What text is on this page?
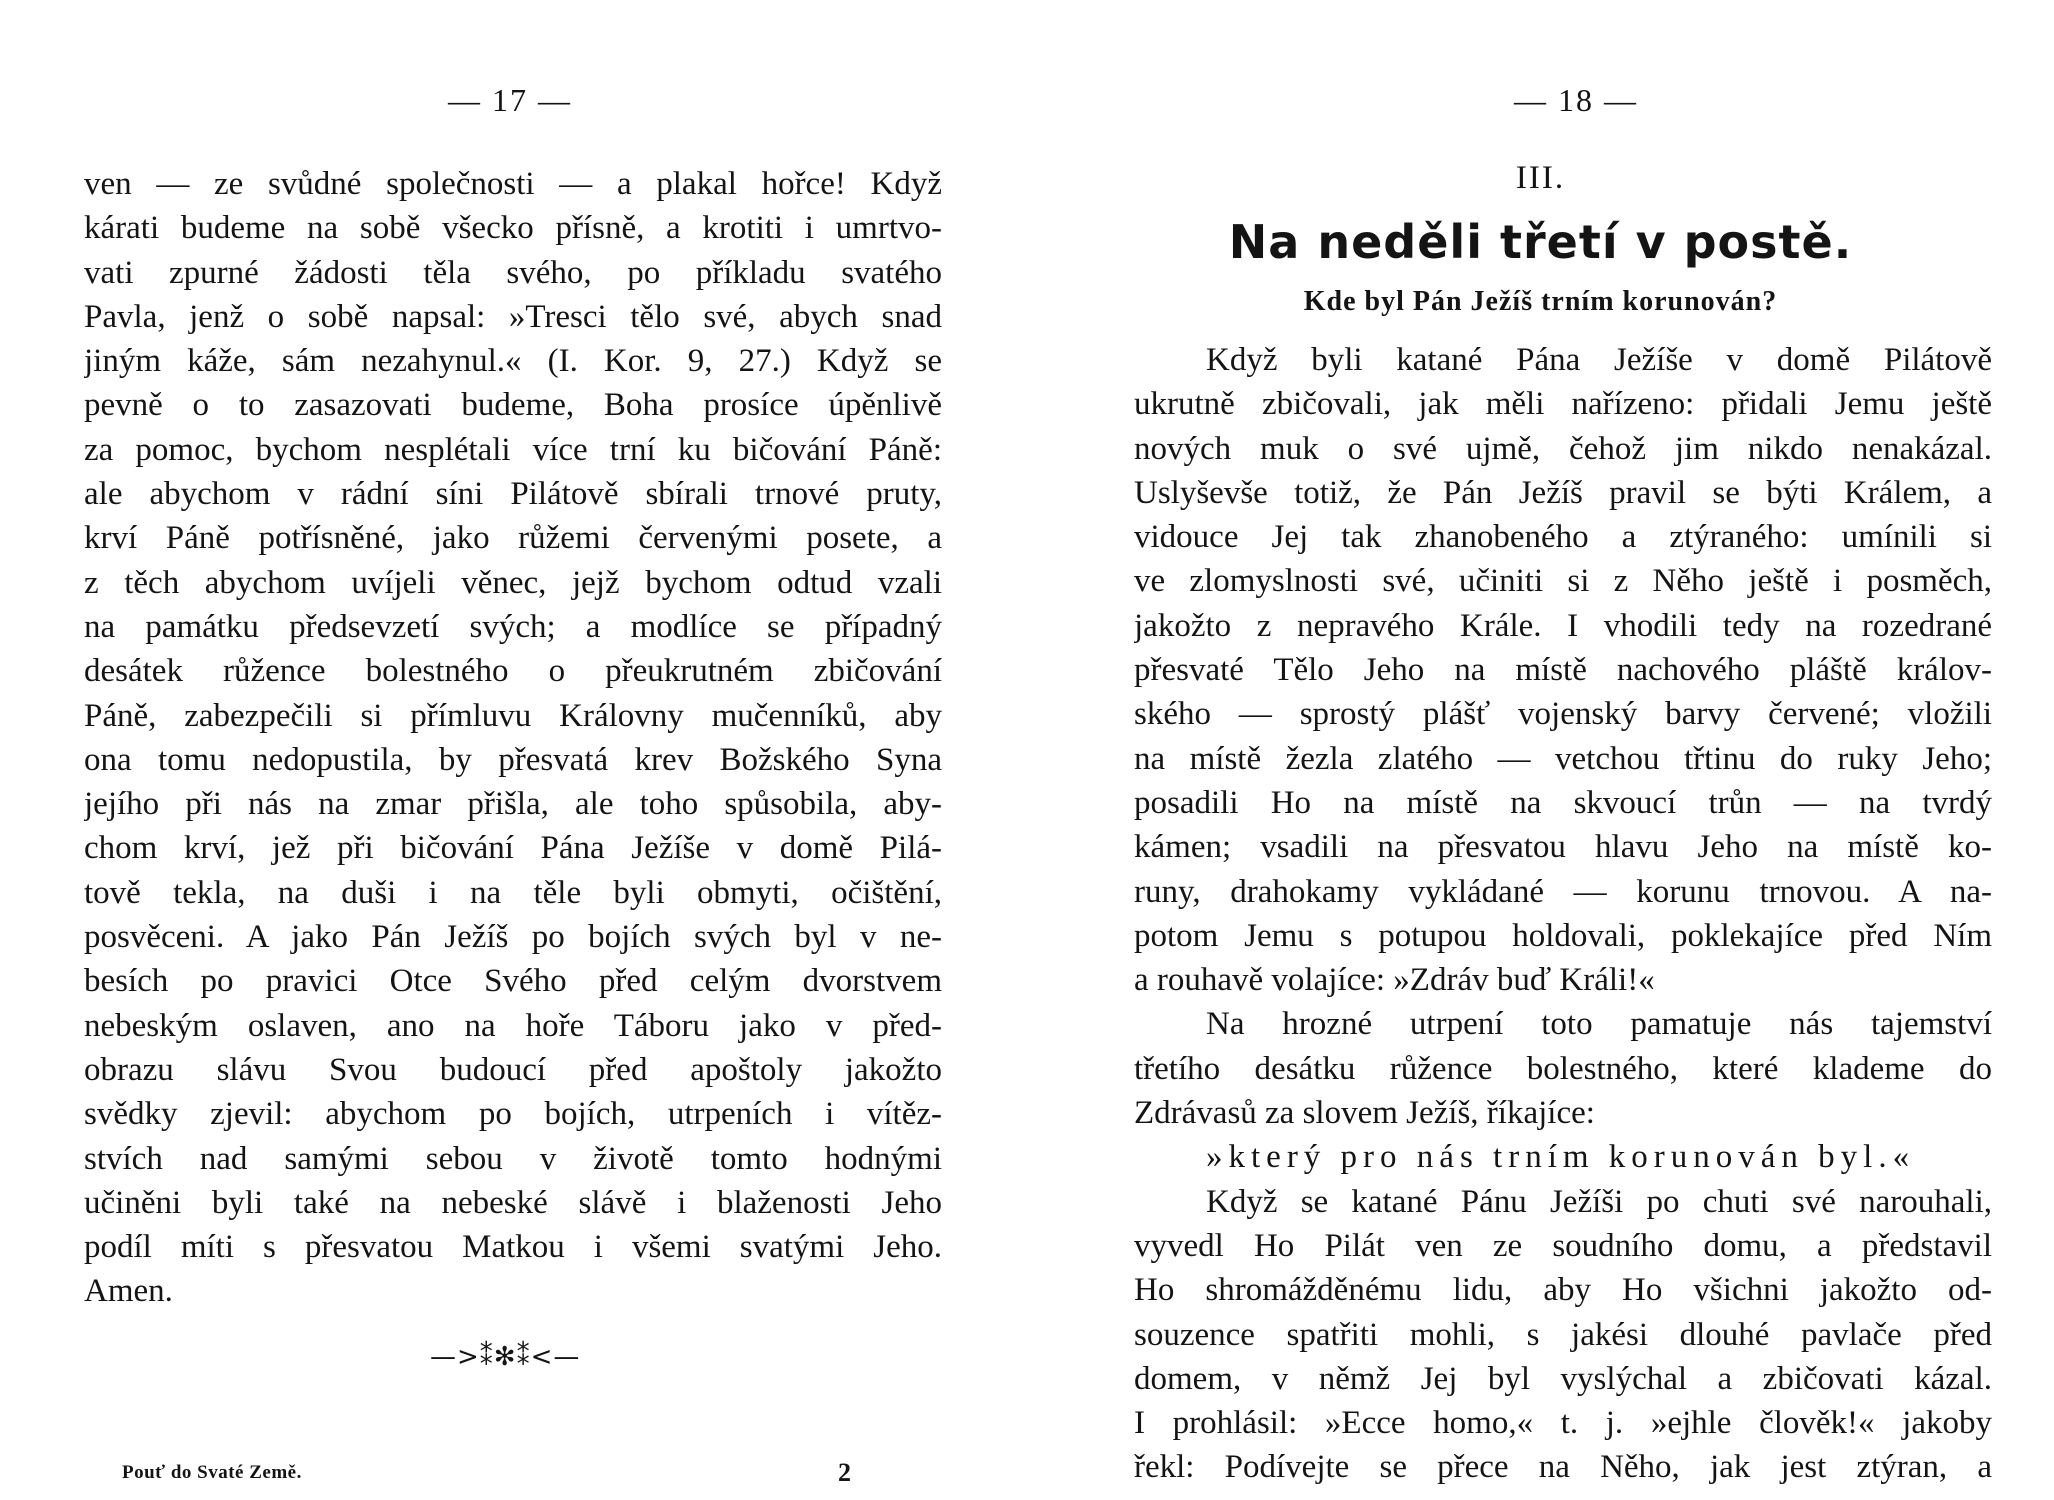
— 17 —
ven — ze svůdné společnosti — a plakal hořce! Když
kárati budeme na sobě všecko přísně, a krotiti i umrtvo-
vati zpurné žádosti těla svého, po příkladu svatého
Pavla, jenž o sobě napsal: »Tresci tělo své, abych snad
jiným káže, sám nezahynul.« (I. Kor. 9, 27.) Když se
pevně o to zasazovati budeme, Boha prosíce úpěnlivě
za pomoc, bychom nesplétali více trní ku bičování Páně:
ale abychom v rádní síni Pilátově sbírali trnové pruty,
krví Páně potřísněné, jako růžemi červenými posete, a
z těch abychom uvíjeli věnec, jejž bychom odtud vzali
na památku předsevzetí svých; a modlíce se případný
desátek růžence bolestného o přeukrutném zbičování
Páně, zabezpečili si přímluvu Královny mučenníků, aby
ona tomu nedopustila, by přesvatá krev Božského Syna
jejího při nás na zmar přišla, ale toho spůsobila, aby-
chom krví, jež při bičování Pána Ježíše v domě Pilá-
tově tekla, na duši i na těle byli obmyti, očištění,
posvěceni. A jako Pán Ježíš po bojích svých byl v ne-
besích po pravici Otce Svého před celým dvorstvem
nebeským oslaven, ano na hoře Táboru jako v před-
obrazu slávu Svou budoucí před apoštoly jakožto
svědky zjevil: abychom po bojích, utrpeních i vítěz-
stvích nad samými sebou v životě tomto hodnými
učiněni byli také na nebeské slávě i blaženosti Jeho
podíl míti s přesvatou Matkou i všemi svatými Jeho.
Amen.
—>⁑✻⁑<—
Pouť do Svaté Země.	2
— 18 —
III.
Na neděli třetí v postě.
Kde byl Pán Ježíš trním korunován?
Když byli katané Pána Ježíše v domě Pilátově
ukrutně zbičovali, jak měli nařízeno: přidali Jemu ještě
nových muk o své ujmě, čehož jim nikdo nenakázal.
Uslyševše totiž, že Pán Ježíš pravil se býti Králem, a
vidouce Jej tak zhanobeného a ztýraného: umínili si
ve zlomyslnosti své, učiniti si z Něho ještě i posměch,
jakožto z nepravého Krále. I vhodili tedy na rozedrané
přesvaté Tělo Jeho na místě nachového pláště králov-
ského — sprostý plášť vojenský barvy červené; vložili
na místě žezla zlatého — vetchou třtinu do ruky Jeho;
posadili Ho na místě na skvoucí trůn — na tvrdý
kámen; vsadili na přesvatou hlavu Jeho na místě ko-
runy, drahokamy vykládané — korunu trnovou. A na-
potom Jemu s potupou holdovali, poklekajíce před Ním
a rouhavě volajíce: »Zdráv buď Králi!«
Na hrozné utrpení toto pamatuje nás tajemství
třetího desátku růžence bolestného, které klademe do
Zdrávasů za slovem Ježíš, říkajíce:
»který pro nás trním korunován byl.«
Když se katané Pánu Ježíši po chuti své narouhali,
vyvedl Ho Pilát ven ze soudního domu, a představil
Ho shromážděnému lidu, aby Ho všichni jakožto od-
souzence spatřiti mohli, s jakési dlouhé pavlače před
domem, v němž Jej byl vyslýchal a zbičovati kázal.
I prohlásil: »Ecce homo,« t. j. »ejhle člověk!« jakoby
řekl: Podívejte se přece na Něho, jak jest ztýran, a
